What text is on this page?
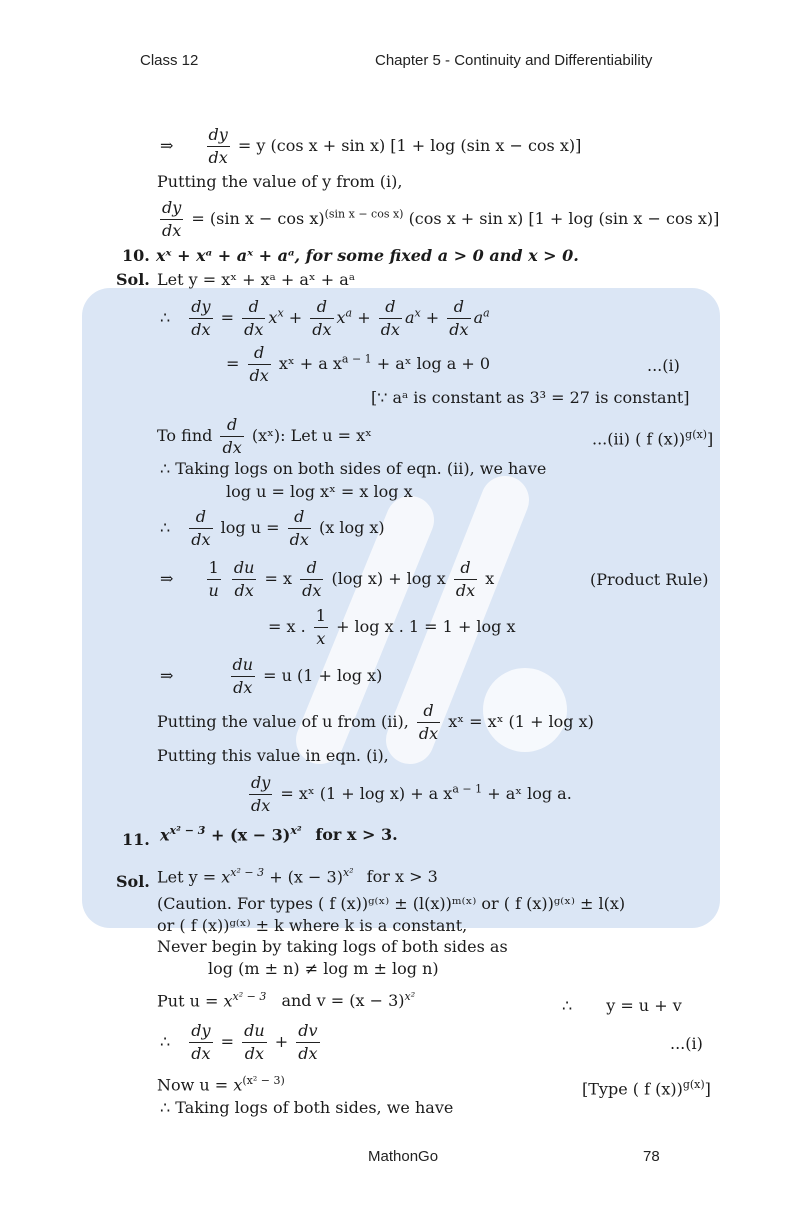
Class 12	Chapter 5 - Continuity and Differentiability
⇒ $\frac{dy}{dx} = y$ (cos x + sin x) [1 + log (sin x − cos x)]
Putting the value of y from (i),
$\frac{dy}{dx} = (\sin$ x − cos x)$^{(sin x - cos x)}$ (cos x + sin x) [1 + log (sin x − cos x)]
10. xˣ + xᵃ + aˣ + aᵃ, for some fixed a > 0 and x > 0.
Sol. Let y = xˣ + xᵃ + aˣ + aᵃ
∴ $\frac{dy}{dx} = \frac{d}{dx} x^x + \frac{d}{dx} x^a + \frac{d}{dx} a^x + \frac{d}{dx} a^a$
= $\frac{d}{dx}$ xˣ + a $x^{a - 1}$ + aˣ log a + 0	...(i)
[∵ aᵃ is constant as 3³ = 27 is constant]
To find $\frac{d}{dx}$ (xˣ): Let u = xˣ	...(ii) ( f (x))$^{g(x)}$]
∴ Taking logs on both sides of eqn. (ii), we have
log u = log xˣ = x log x
∴ $\frac{d}{dx}$ $\log u = \frac{d}{dx} (x$ log x)
⇒ $\frac{1}{u}$
$\frac{du}{dx} = x \frac{d}{dx} (\log$ x) + log x $\frac{d}{dx}$ x	(Product Rule)
= x . $\frac{1}{x} + \log x$ . 1 = 1 + log x
⇒	$\frac{du}{dx} = u$ (1 + log x)
Putting the value of u from (ii), $\frac{d}{dx}$ xˣ = xˣ (1 + log x)
Putting this value in eqn. (i),
$\frac{dy}{dx}$ = xˣ (1 + log x) + a $x^{a - 1}$ + aˣ log a.
11. $x^{x^2 - 3} + (x - 3)^{x^2}$ for x > 3.
Sol. Let $y = x^{x^2 - 3} + (x - 3)^{x^2}$ for x > 3
(Caution. For types ( f (x))ᵍ⁽ˣ⁾ ± (l(x))ᵐ⁽ˣ⁾ or ( f (x))ᵍ⁽ˣ⁾ ± l(x)
or ( f (x))ᵍ⁽ˣ⁾ ± k where k is a constant,
Never begin by taking logs of both sides as
log (m ± n) ≠ log m ± log n)
Put $u = x^{x^2 - 3}$ and $v = (x - 3)^{x^2}$	∴ y = u + v
∴ $\frac{dy}{dx} = \frac{du}{dx} + \frac{dv}{dx}$	...(i)
Now $u = x^{(x^2 - 3)}$	[Type ( f (x))$^{g(x)}$]
∴ Taking logs of both sides, we have
MathonGo	78
